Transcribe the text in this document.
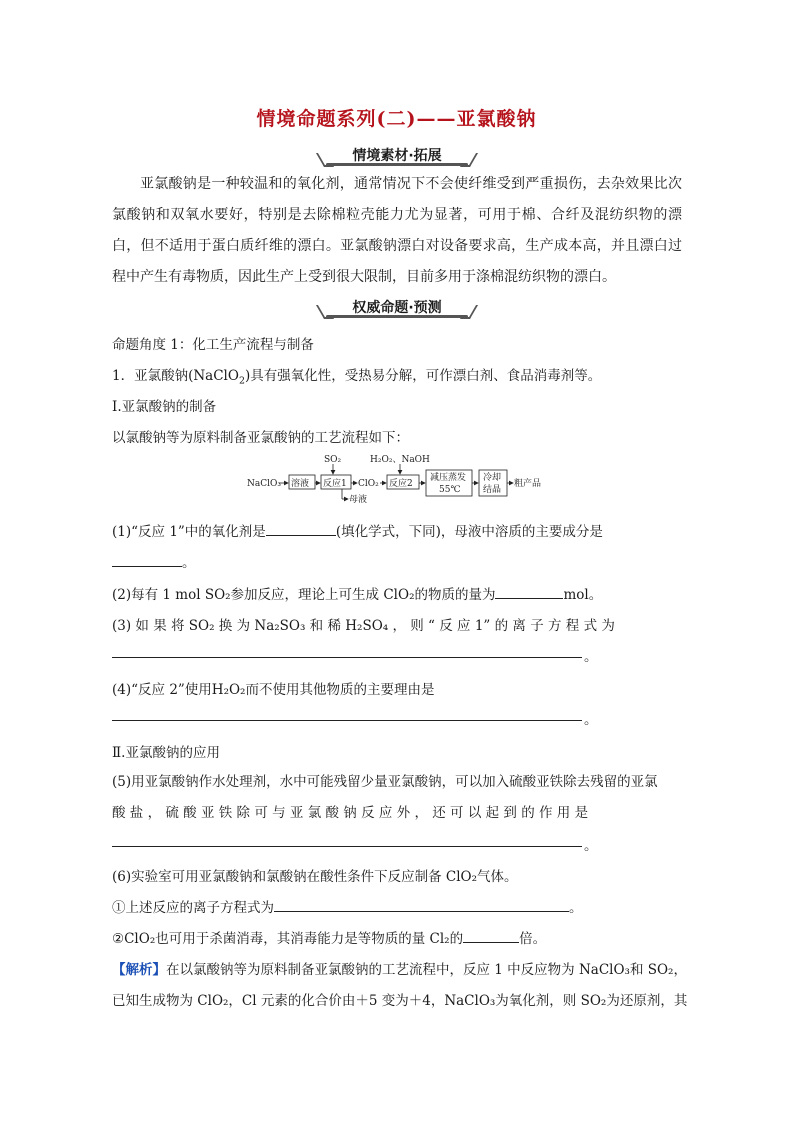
情境命题系列(二)——亚氯酸钠
情境素材·拓展
亚氯酸钠是一种较温和的氧化剂，通常情况下不会使纤维受到严重损伤，去杂效果比次氯酸钠和双氧水要好，特别是去除棉粒壳能力尤为显著，可用于棉、合纤及混纺织物的漂白，但不适用于蛋白质纤维的漂白。亚氯酸钠漂白对设备要求高，生产成本高，并且漂白过程中产生有毒物质，因此生产上受到很大限制，目前多用于涤棉混纺织物的漂白。
权威命题·预测
命题角度 1：化工生产流程与制备
1．亚氯酸钠(NaClO$_2$)具有强氧化性，受热易分解，可作漂白剂、食品消毒剂等。
Ⅰ.亚氯酸钠的制备
以氯酸钠等为原料制备亚氯酸钠的工艺流程如下：
NaClO₃ 溶液 反应1
SO₂
ClO₂
母液
反应2
H₂O₂、NaOH
减压蒸发
55℃
冷却
结晶
粗产品
(1)“反应 1”中的氧化剂是	(填化学式，下同)，母液中溶质的主要成分是
。
(2)每有 1 mol SO₂参加反应，理论上可生成 ClO₂的物质的量为	mol。
(3) 如 果 将 SO₂ 换 为 Na₂SO₃ 和 稀 H₂SO₄ ， 则 “ 反 应 1” 的 离 子 方 程 式 为
。
(4)“反应 2”使用H₂O₂而不使用其他物质的主要理由是
。
Ⅱ.亚氯酸钠的应用
(5)用亚氯酸钠作水处理剂，水中可能残留少量亚氯酸钠，可以加入硫酸亚铁除去残留的亚氯
酸 盐 ， 硫 酸 亚 铁 除 可 与 亚 氯 酸 钠 反 应 外 ， 还 可 以 起 到 的 作 用 是
。
(6)实验室可用亚氯酸钠和氯酸钠在酸性条件下反应制备 ClO₂气体。
①上述反应的离子方程式为	。
②ClO₂也可用于杀菌消毒，其消毒能力是等物质的量 Cl₂的	倍。
【解析】在以氯酸钠等为原料制备亚氯酸钠的工艺流程中，反应 1 中反应物为 NaClO₃和 SO₂，
已知生成物为 ClO₂，Cl 元素的化合价由＋5 变为＋4，NaClO₃为氧化剂，则 SO₂为还原剂，其
